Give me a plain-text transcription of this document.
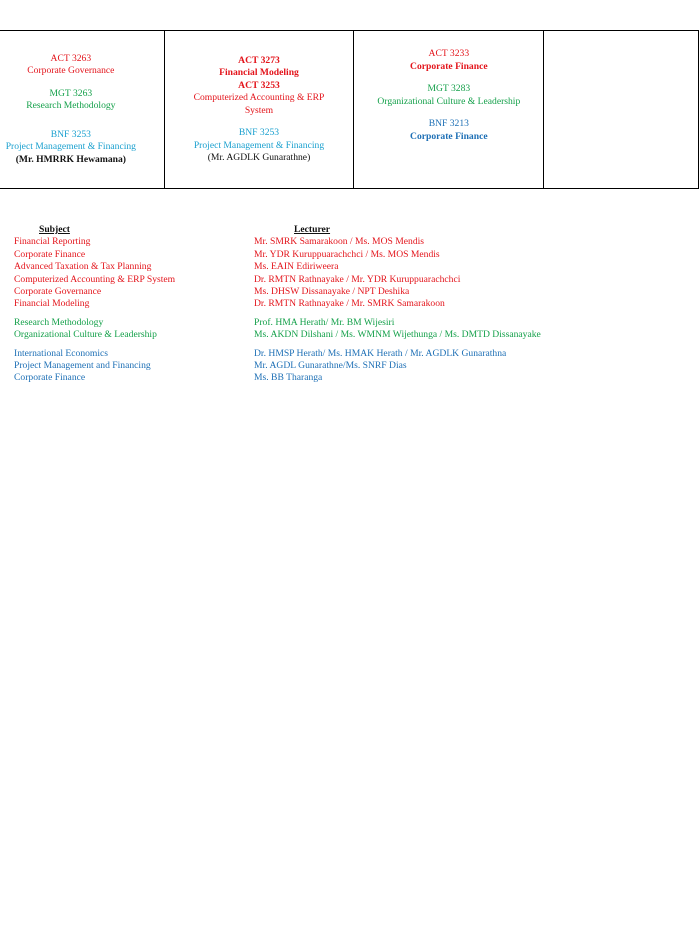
ACT 3263
Corporate Governance
MGT 3263
Research Methodology
BNF 3253
Project Management & Financing
(Mr. HMRRK Hewamana)

ACT 3273
Financial Modeling
ACT 3253
Computerized Accounting & ERP
System
BNF 3253
Project Management & Financing
(Mr. AGDLK Gunarathne)

ACT 3233
Corporate Finance
MGT 3283
Organizational Culture & Leadership
BNF 3213
Corporate Finance

Subject	Lecturer
Financial Reporting	Mr. SMRK Samarakoon / Ms. MOS Mendis
Corporate Finance	Mr. YDR Kuruppuarachchci / Ms. MOS Mendis
Advanced Taxation & Tax Planning	Ms. EAIN Ediriweera
Computerized Accounting & ERP System	Dr. RMTN Rathnayake / Mr. YDR Kuruppuarachchci
Corporate Governance	Ms. DHSW Dissanayake / NPT Deshika
Financial Modeling	Dr. RMTN Rathnayake / Mr. SMRK Samarakoon
Research Methodology	Prof. HMA Herath/ Mr. BM Wijesiri
Organizational Culture & Leadership	Ms. AKDN Dilshani / Ms. WMNM Wijethunga / Ms. DMTD Dissanayake
International Economics	Dr. HMSP Herath/ Ms. HMAK Herath / Mr. AGDLK Gunarathna
Project Management and Financing	Mr. AGDL Gunarathne/Ms. SNRF Dias
Corporate Finance	Ms. BB Tharanga
